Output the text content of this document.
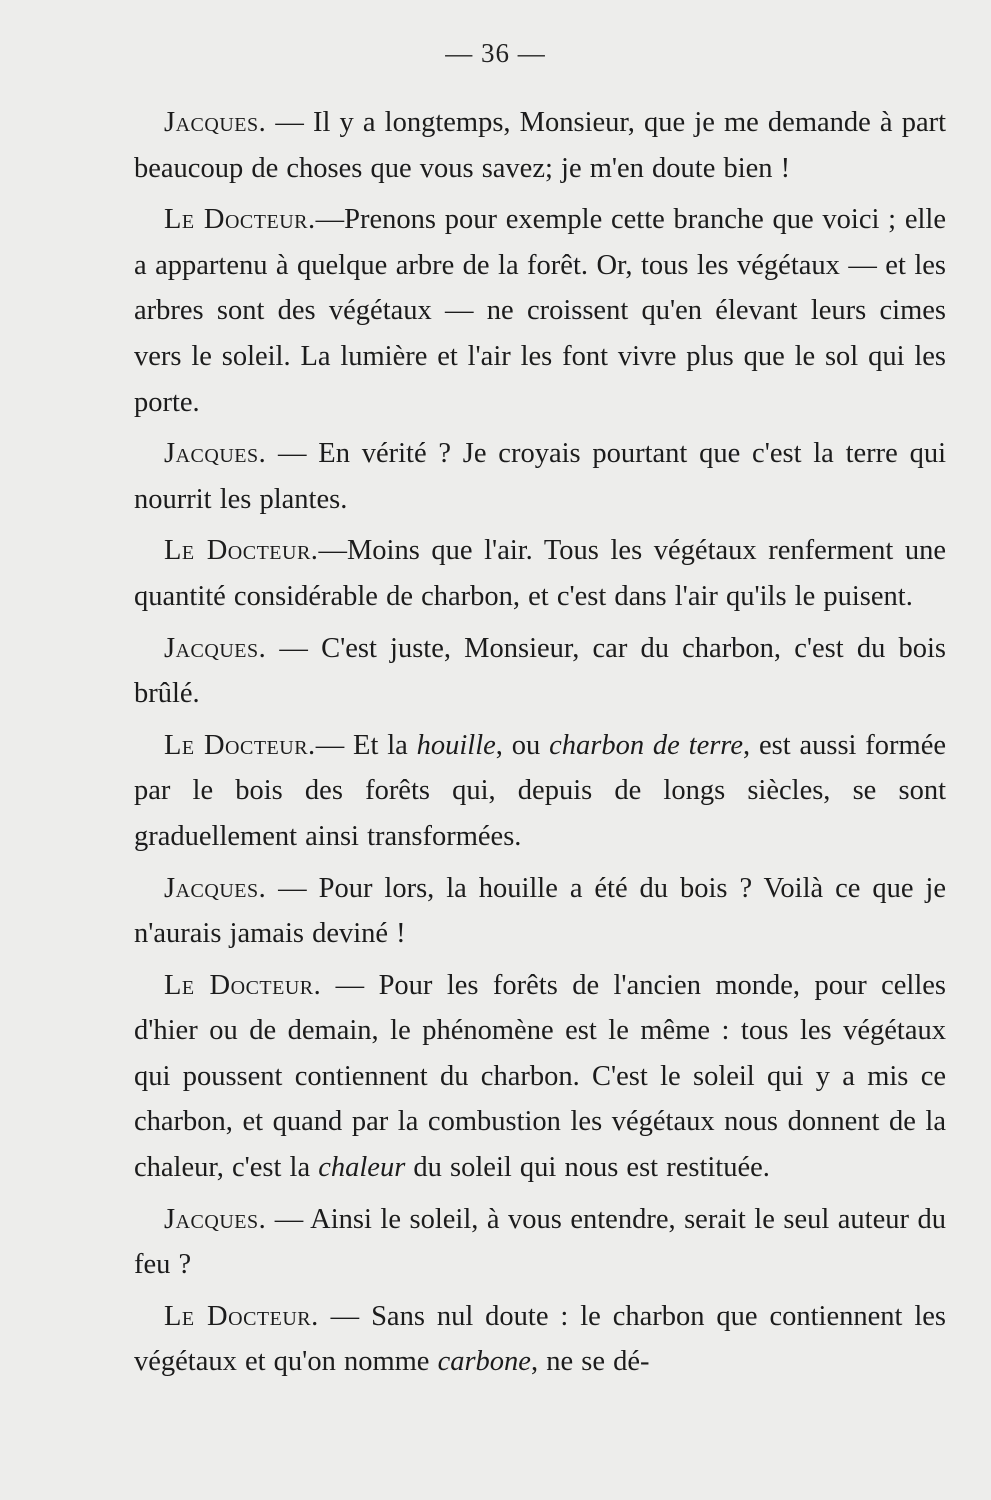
— 36 —

Jacques. — Il y a longtemps, Monsieur, que je me demande à part beaucoup de choses que vous savez; je m'en doute bien !

Le Docteur.—Prenons pour exemple cette branche que voici ; elle a appartenu à quelque arbre de la forêt. Or, tous les végétaux — et les arbres sont des végétaux — ne croissent qu'en élevant leurs cimes vers le soleil. La lumière et l'air les font vivre plus que le sol qui les porte.

Jacques. — En vérité ? Je croyais pourtant que c'est la terre qui nourrit les plantes.

Le Docteur.—Moins que l'air. Tous les végétaux renferment une quantité considérable de charbon, et c'est dans l'air qu'ils le puisent.

Jacques. — C'est juste, Monsieur, car du charbon, c'est du bois brûlé.

Le Docteur.— Et la houille, ou charbon de terre, est aussi formée par le bois des forêts qui, depuis de longs siècles, se sont graduellement ainsi transformées.

Jacques. — Pour lors, la houille a été du bois ? Voilà ce que je n'aurais jamais deviné !

Le Docteur. — Pour les forêts de l'ancien monde, pour celles d'hier ou de demain, le phénomène est le même : tous les végétaux qui poussent contiennent du charbon. C'est le soleil qui y a mis ce charbon, et quand par la combustion les végétaux nous donnent de la chaleur, c'est la chaleur du soleil qui nous est restituée.

Jacques. — Ainsi le soleil, à vous entendre, serait le seul auteur du feu ?

Le Docteur. — Sans nul doute : le charbon que contiennent les végétaux et qu'on nomme carbone, ne se dé-
